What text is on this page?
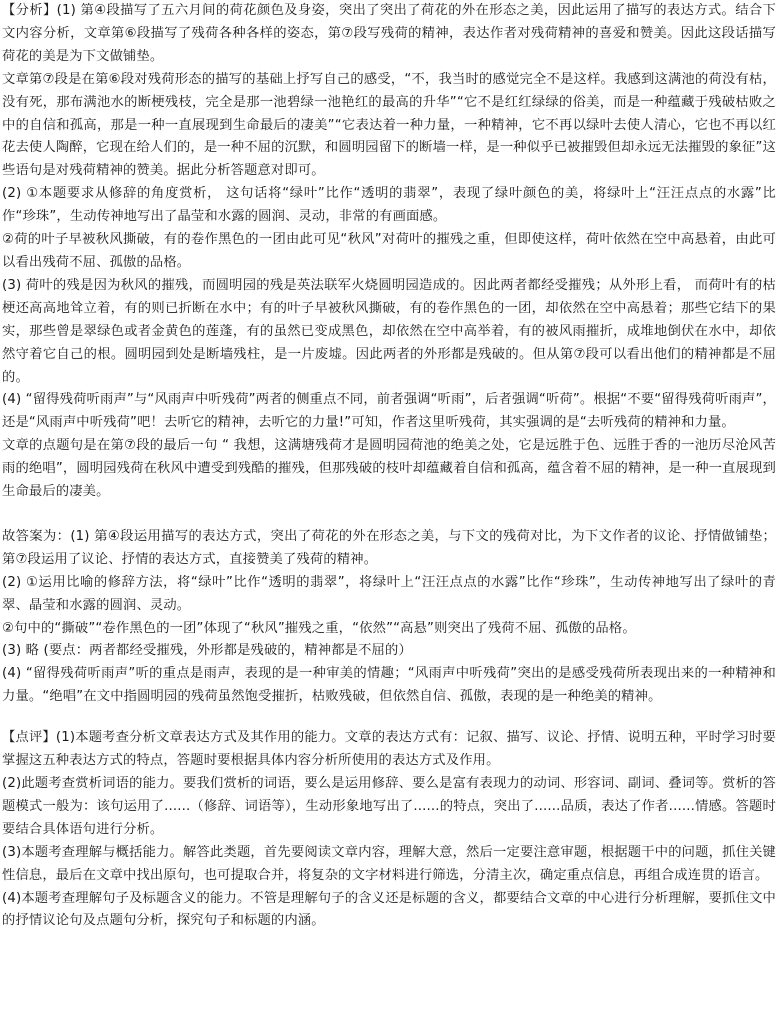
【分析】(1) 第④段描写了五六月间的荷花颜色及身姿，突出了突出了荷花的外在形态之美，因此运用了描写的表达方式。结合下文内容分析，文章第⑥段描写了残荷各种各样的姿态，第⑦段写残荷的精神，表达作者对残荷精神的喜爱和赞美。因此这段话描写荷花的美是为下文做铺垫。

文章第⑦段是在第⑥段对残荷形态的描写的基础上抒写自己的感受，“不，我当时的感觉完全不是这样。我感到这满池的荷没有枯，没有死，那布满池水的断梗残枝，完全是那一池碧绿一池艳红的最高的升华”“它不是红红绿绿的俗美，而是一种蕴藏于残破枯败之中的自信和孤高，那是一种一直展现到生命最后的凄美”“它表达着一种力量，一种精神，它不再以绿叶去使人清心，它也不再以红花去使人陶醉，它现在给人们的，是一种不屈的沉默，和圆明园留下的断墙一样，是一种似乎已被摧毁但却永远无法摧毁的象征”这些语句是对残荷精神的赞美。据此分析答题意对即可。

(2) ①本题要求从修辞的角度赏析， 这句话将“绿叶”比作“透明的翡翠”，表现了绿叶颜色的美，将绿叶上“汪汪点点的水露”比作“珍珠”，生动传神地写出了晶莹和水露的圆润、灵动，非常的有画面感。

②荷的叶子早被秋风撕破，有的卷作黑色的一团由此可见“秋风”对荷叶的摧残之重，但即使这样，荷叶依然在空中高悬着，由此可以看出残荷不屈、孤傲的品格。

(3) 荷叶的残是因为秋风的摧残，而圆明园的残是英法联军火烧圆明园造成的。因此两者都经受摧残；从外形上看， 而荷叶有的枯梗还高高地耸立着，有的则已折断在水中；有的叶子早被秋风撕破，有的卷作黑色的一团，却依然在空中高悬着；那些它结下的果实，那些曾是翠绿色或者金黄色的莲蓬，有的虽然已变成黑色，却依然在空中高举着，有的被风雨摧折，成堆地倒伏在水中，却依然守着它自己的根。圆明园到处是断墙残柱，是一片废墟。因此两者的外形都是残破的。但从第⑦段可以看出他们的精神都是不屈的。

(4) “留得残荷听雨声”与“风雨声中听残荷”两者的侧重点不同，前者强调“听雨”，后者强调“听荷”。根据“不要“留得残荷听雨声”，还是“风雨声中听残荷”吧！去听它的精神，去听它的力量!”可知，作者这里听残荷，其实强调的是“去听残荷的精神和力量。

文章的点题句是在第⑦段的最后一句 “ 我想，这满塘残荷才是圆明园荷池的绝美之处，它是远胜于色、远胜于香的一池历尽沧风苦雨的绝唱”，圆明园残荷在秋风中遭受到残酷的摧残，但那残破的枝叶却蕴藏着自信和孤高，蕴含着不屈的精神，是一种一直展现到生命最后的凄美。

故答案为：(1) 第④段运用描写的表达方式，突出了荷花的外在形态之美，与下文的残荷对比，为下文作者的议论、抒情做铺垫；第⑦段运用了议论、抒情的表达方式，直接赞美了残荷的精神。

(2) ①运用比喻的修辞方法，将“绿叶”比作“透明的翡翠”，将绿叶上“汪汪点点的水露”比作“珍珠”，生动传神地写出了绿叶的青翠、晶莹和水露的圆润、灵动。

②句中的“撕破”“卷作黑色的一团”体现了“秋风”摧残之重，“依然”“高悬”则突出了残荷不屈、孤傲的品格。

(3) 略 (要点：两者都经受摧残，外形都是残破的，精神都是不屈的）

(4) “留得残荷听雨声”听的重点是雨声，表现的是一种审美的情趣；“风雨声中听残荷”突出的是感受残荷所表现出来的一种精神和力量。“绝唱”在文中指圆明园的残荷虽然饱受摧折，枯败残破，但依然自信、孤傲，表现的是一种绝美的精神。

【点评】(1)本题考查分析文章表达方式及其作用的能力。文章的表达方式有：记叙、描写、议论、抒情、说明五种，平时学习时要掌握这五种表达方式的特点，答题时要根据具体内容分析所使用的表达方式及作用。

(2)此题考查赏析词语的能力。要我们赏析的词语，要么是运用修辞、要么是富有表现力的动词、形容词、副词、叠词等。赏析的答题模式一般为：该句运用了......（修辞、词语等），生动形象地写出了......的特点，突出了......品质，表达了作者......情感。答题时要结合具体语句进行分析。

(3)本题考查理解与概括能力。解答此类题，首先要阅读文章内容，理解大意，然后一定要注意审题，根据题干中的问题，抓住关键性信息，最后在文章中找出原句，也可提取合并，将复杂的文字材料进行筛选，分清主次，确定重点信息，再组合成连贯的语言。

(4)本题考查理解句子及标题含义的能力。不管是理解句子的含义还是标题的含义，都要结合文章的中心进行分析理解，要抓住文中的抒情议论句及点题句分析，探究句子和标题的内涵。
